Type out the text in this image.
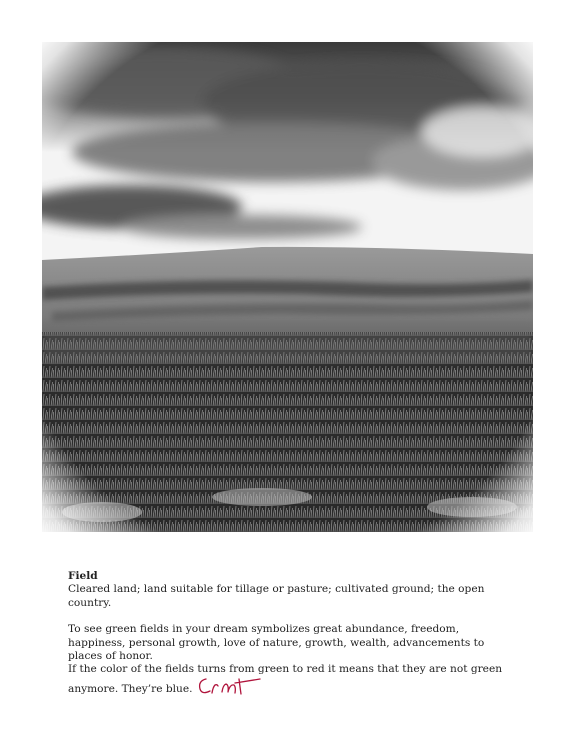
Field

Cleared land; land suitable for tillage or pasture; cultivated ground; the open country.

To see green fields in your dream symbolizes great abundance, freedom, happiness, personal growth, love of nature, growth, wealth, advancements to places of honor.

If the color of the fields turns from green to red it means that they are not green anymore. They’re blue.
